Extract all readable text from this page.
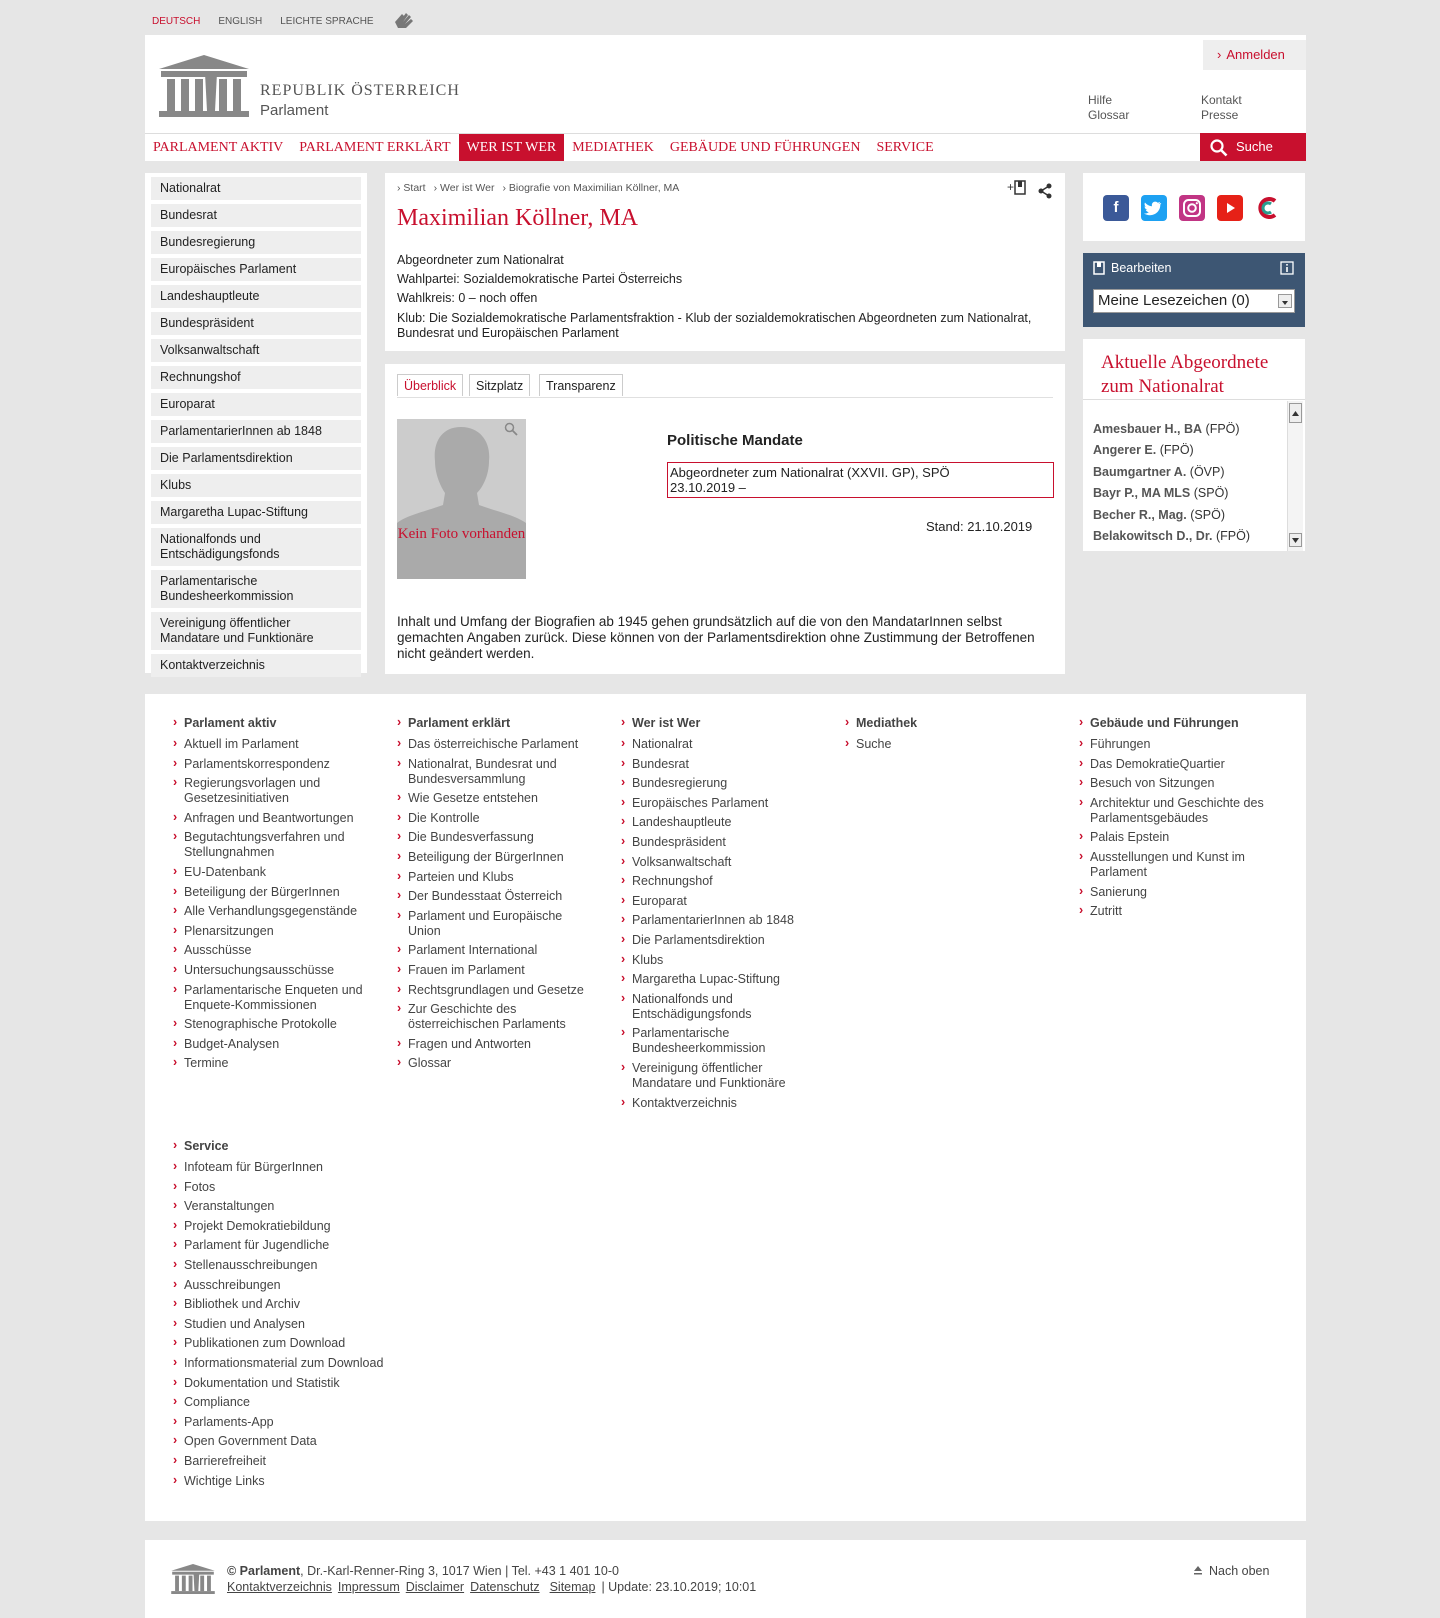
DEUTSCH ENGLISH LEICHTE SPRACHE
REPUBLIK ÖSTERREICH
Parlament
› Anmelden
Hilfe
Glossar
Kontakt
Presse
PARLAMENT AKTIV	PARLAMENT ERKLÄRT	WER IST WER	MEDIATHEK	GEBÄUDE UND FÜHRUNGEN	SERVICE	Suche
Nationalrat
Bundesrat
Bundesregierung
Europäisches Parlament
Landeshauptleute
Bundespräsident
Volksanwaltschaft
Rechnungshof
Europarat
ParlamentarierInnen ab 1848
Die Parlamentsdirektion
Klubs
Margaretha Lupac-Stiftung
Nationalfonds und Entschädigungsfonds
Parlamentarische Bundesheerkommission
Vereinigung öffentlicher Mandatare und Funktionäre
Kontaktverzeichnis
› Start	› Wer ist Wer	› Biografie von Maximilian Köllner, MA	+
Maximilian Köllner, MA
Abgeordneter zum Nationalrat
Wahlpartei: Sozialdemokratische Partei Österreichs
Wahlkreis: 0 – noch offen
Klub: Die Sozialdemokratische Parlamentsfraktion - Klub der sozialdemokratischen Abgeordneten zum Nationalrat, Bundesrat und Europäischen Parlament
Überblick	Sitzplatz	Transparenz
Kein Foto vorhanden
Politische Mandate
Abgeordneter zum Nationalrat (XXVII. GP), SPÖ
23.10.2019 –
Stand: 21.10.2019
Inhalt und Umfang der Biografien ab 1945 gehen grundsätzlich auf die von den MandatarInnen selbst gemachten Angaben zurück. Diese können von der Parlamentsdirektion ohne Zustimmung der Betroffenen nicht geändert werden.
f
Bearbeiten
Meine Lesezeichen (0)
Aktuelle Abgeordnete zum Nationalrat
Amesbauer H., BA (FPÖ)
Angerer E. (FPÖ)
Baumgartner A. (ÖVP)
Bayr P., MA MLS (SPÖ)
Becher R., Mag. (SPÖ)
Belakowitsch D., Dr. (FPÖ)
› Parlament aktiv
› Aktuell im Parlament
› Parlamentskorrespondenz
› Regierungsvorlagen und Gesetzesinitiativen
› Anfragen und Beantwortungen
› Begutachtungsverfahren und Stellungnahmen
› EU-Datenbank
› Beteiligung der BürgerInnen
› Alle Verhandlungsgegenstände
› Plenarsitzungen
› Ausschüsse
› Untersuchungsausschüsse
› Parlamentarische Enqueten und Enquete-Kommissionen
› Stenographische Protokolle
› Budget-Analysen
› Termine
› Parlament erklärt
› Das österreichische Parlament
› Nationalrat, Bundesrat und Bundesversammlung
› Wie Gesetze entstehen
› Die Kontrolle
› Die Bundesverfassung
› Beteiligung der BürgerInnen
› Parteien und Klubs
› Der Bundesstaat Österreich
› Parlament und Europäische Union
› Parlament International
› Frauen im Parlament
› Rechtsgrundlagen und Gesetze
› Zur Geschichte des österreichischen Parlaments
› Fragen und Antworten
› Glossar
› Wer ist Wer
› Nationalrat
› Bundesrat
› Bundesregierung
› Europäisches Parlament
› Landeshauptleute
› Bundespräsident
› Volksanwaltschaft
› Rechnungshof
› Europarat
› ParlamentarierInnen ab 1848
› Die Parlamentsdirektion
› Klubs
› Margaretha Lupac-Stiftung
› Nationalfonds und Entschädigungsfonds
› Parlamentarische Bundesheerkommission
› Vereinigung öffentlicher Mandatare und Funktionäre
› Kontaktverzeichnis
› Mediathek
› Suche
› Gebäude und Führungen
› Führungen
› Das DemokratieQuartier
› Besuch von Sitzungen
› Architektur und Geschichte des Parlamentsgebäudes
› Palais Epstein
› Ausstellungen und Kunst im Parlament
› Sanierung
› Zutritt
› Service
› Infoteam für BürgerInnen
› Fotos
› Veranstaltungen
› Projekt Demokratiebildung
› Parlament für Jugendliche
› Stellenausschreibungen
› Ausschreibungen
› Bibliothek und Archiv
› Studien und Analysen
› Publikationen zum Download
› Informationsmaterial zum Download
› Dokumentation und Statistik
› Compliance
› Parlaments-App
› Open Government Data
› Barrierefreiheit
› Wichtige Links
© Parlament, Dr.-Karl-Renner-Ring 3, 1017 Wien | Tel. +43 1 401 10-0
Kontaktverzeichnis Impressum Disclaimer Datenschutz Sitemap | Update: 23.10.2019; 10:01
Nach oben
